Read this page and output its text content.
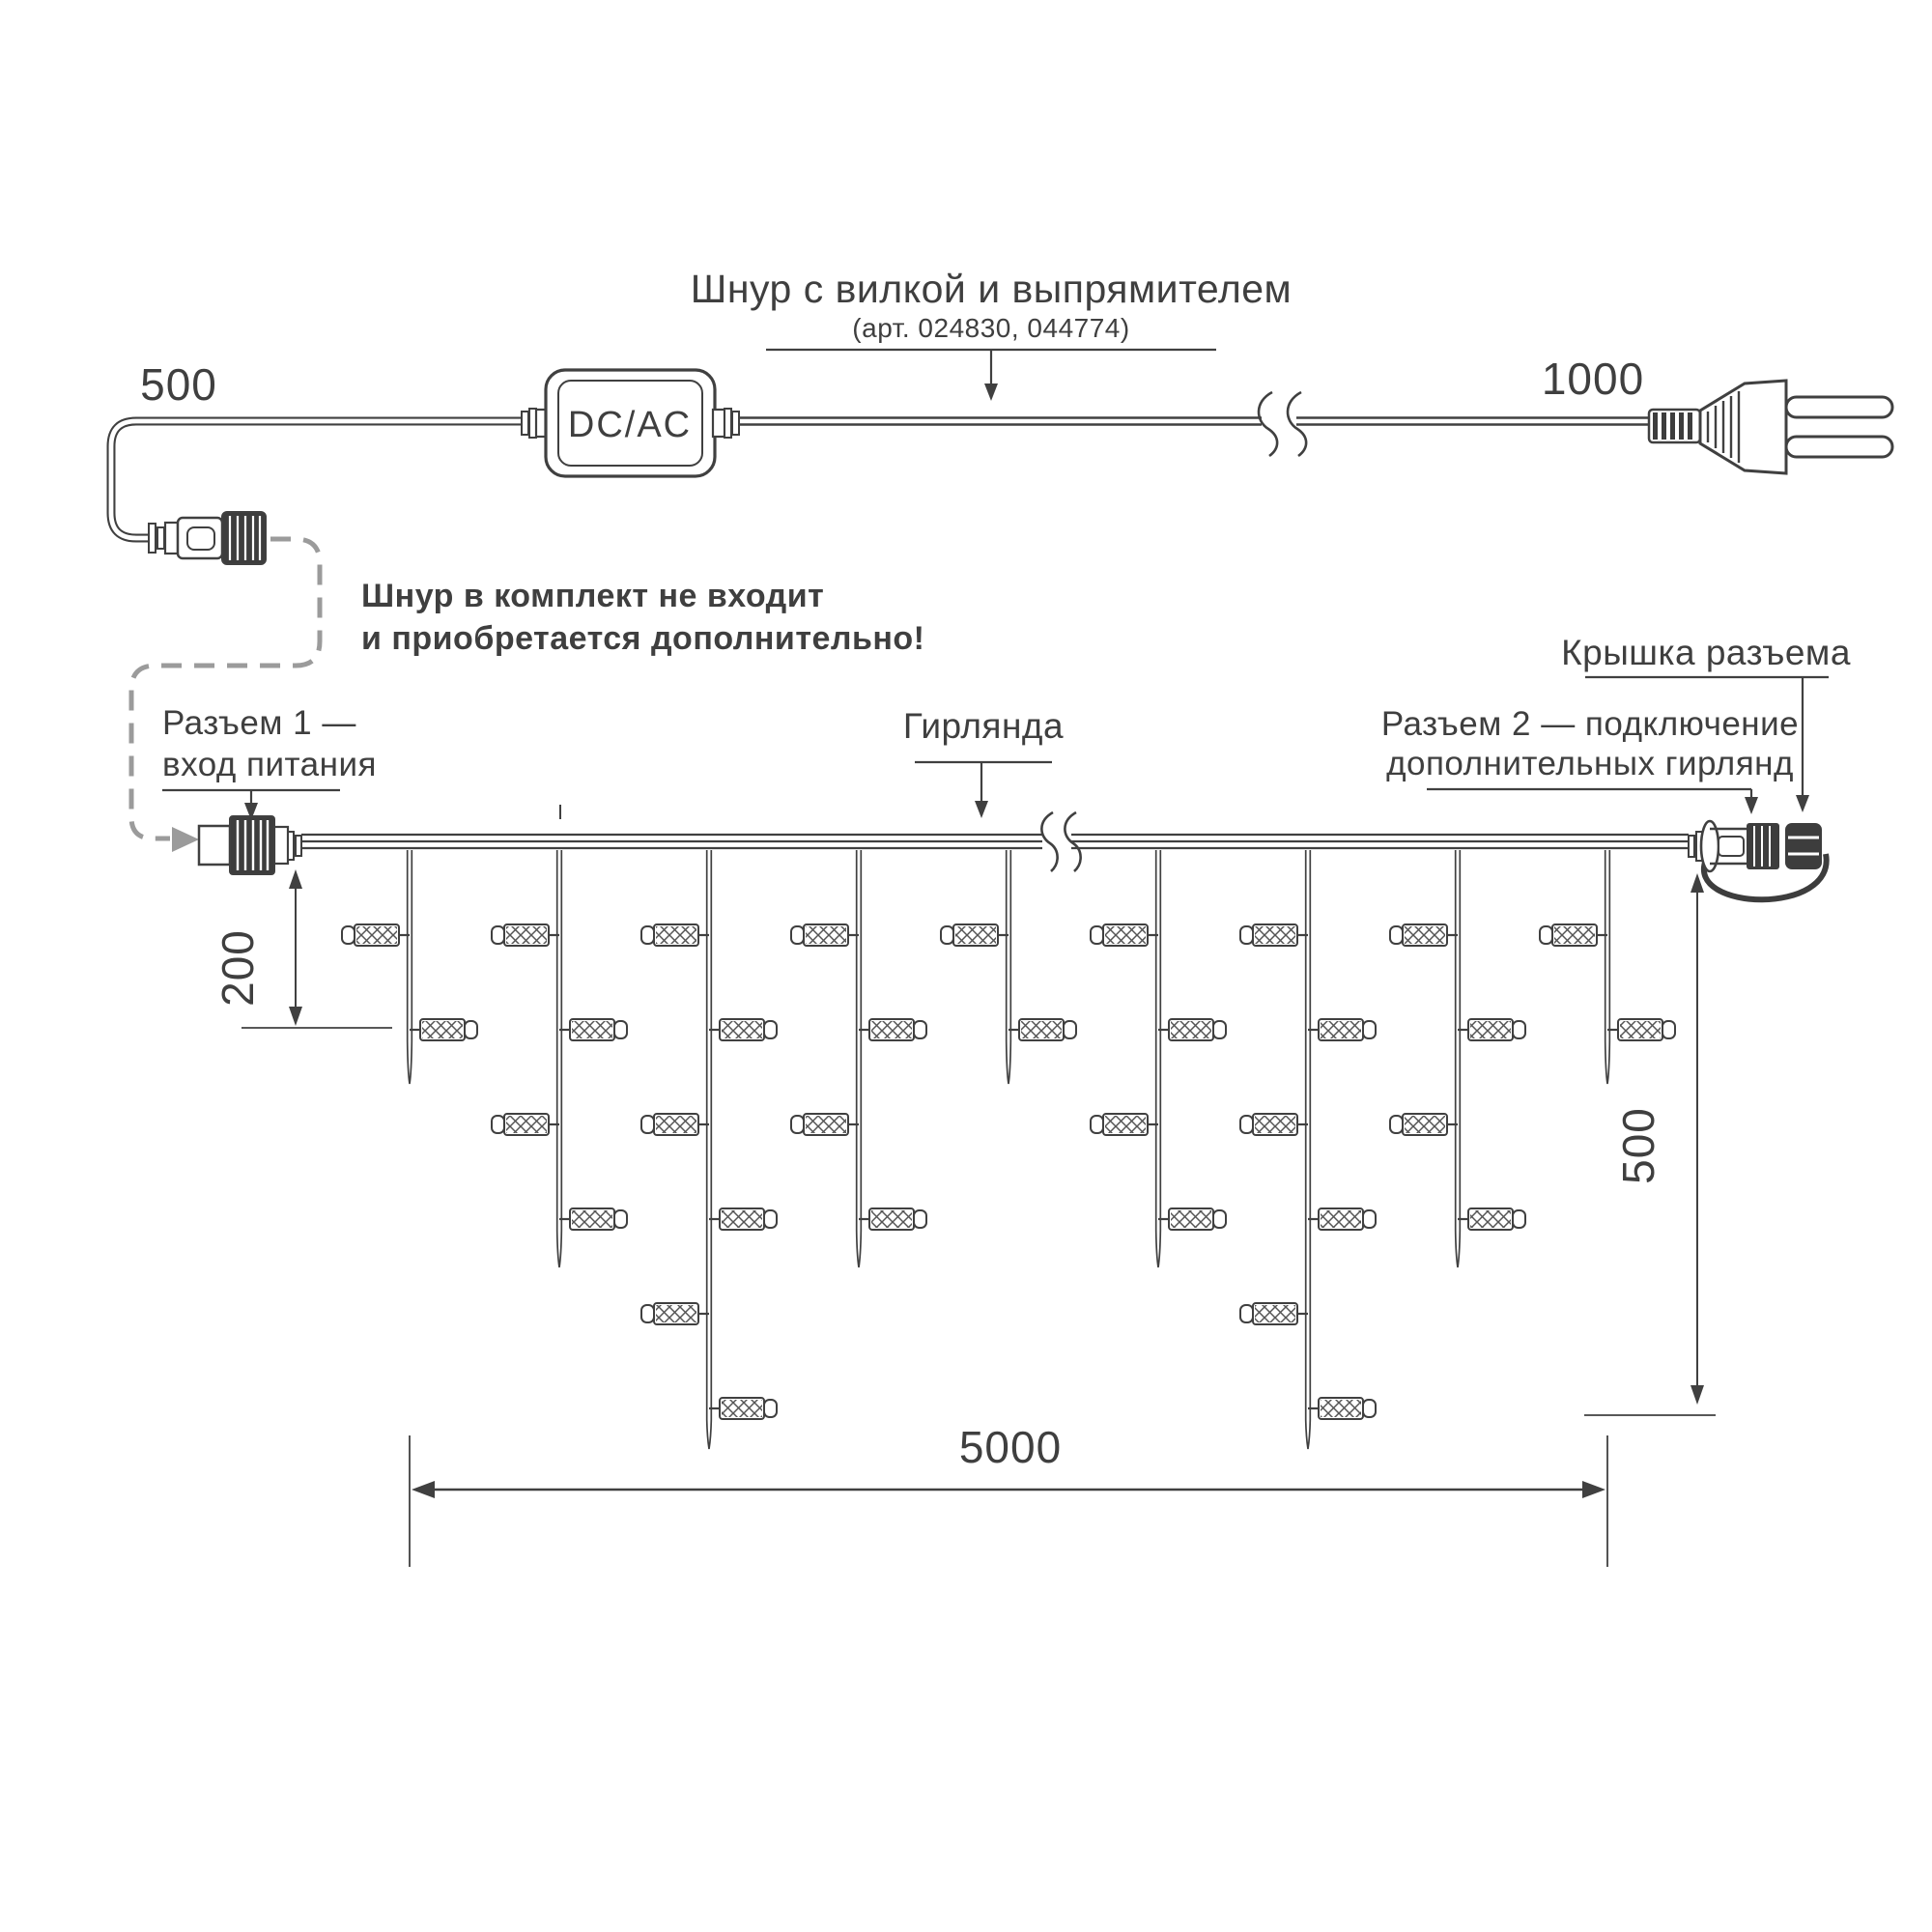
Шнур с вилкой и выпрямителем
(арт. 024830, 044774)
500	1000
DC/AC
Шнур в комплект не входит
и приобретается дополнительно!
Разъем 1 —
вход питания
Гирлянда
Крышка разъема
Разъем 2 — подключение
дополнительных гирлянд
200
500
5000
